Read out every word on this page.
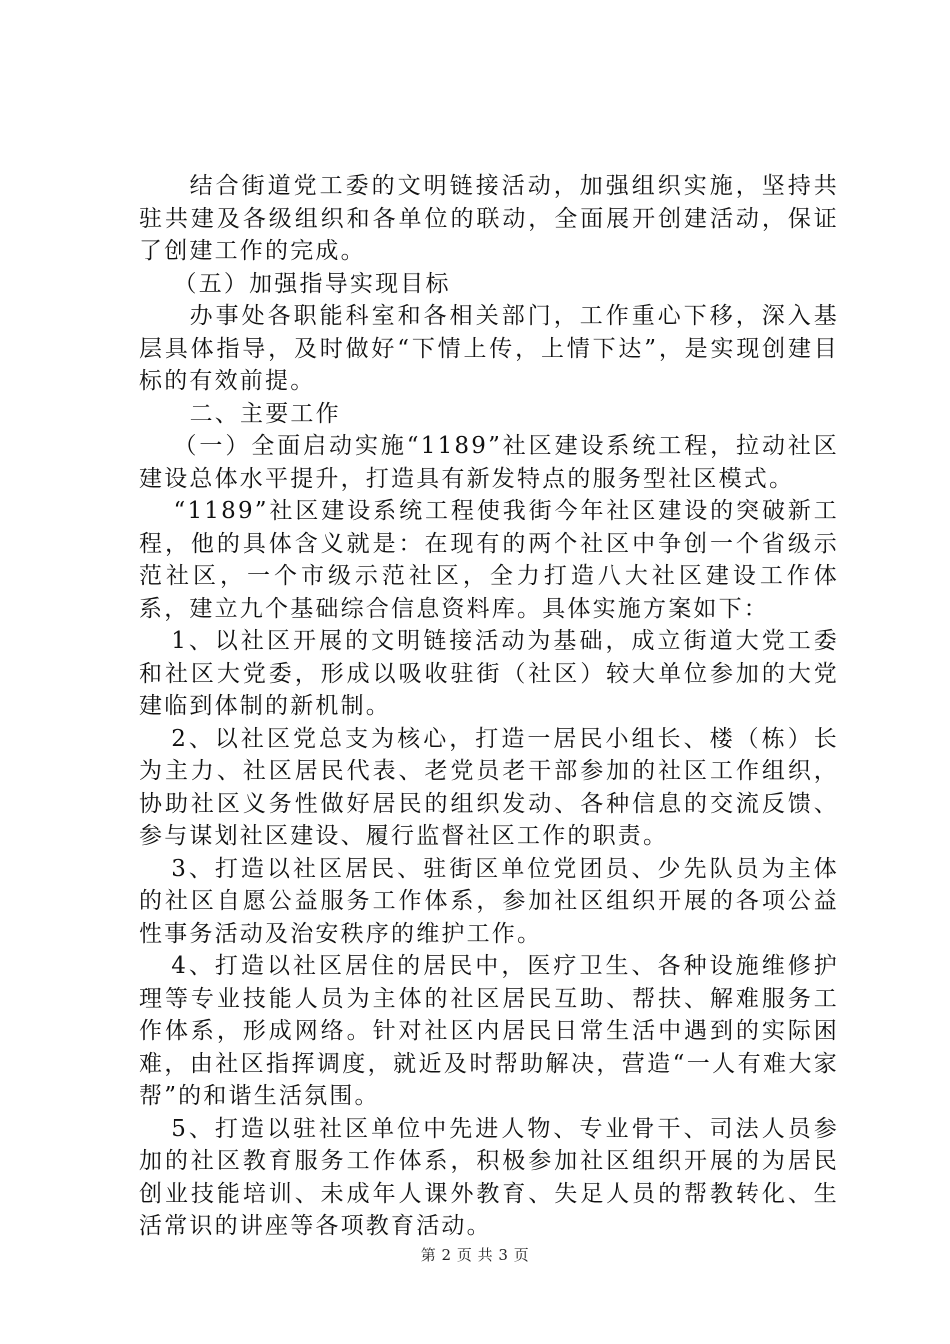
结合街道党工委的文明链接活动，加强组织实施，坚持共驻共建及各级组织和各单位的联动，全面展开创建活动，保证了创建工作的完成。

（五）加强指导实现目标

办事处各职能科室和各相关部门，工作重心下移，深入基层具体指导，及时做好“下情上传，上情下达”，是实现创建目标的有效前提。

二、主要工作

（一）全面启动实施“1189”社区建设系统工程，拉动社区建设总体水平提升，打造具有新发特点的服务型社区模式。

“1189”社区建设系统工程使我街今年社区建设的突破新工程，他的具体含义就是：在现有的两个社区中争创一个省级示范社区，一个市级示范社区，全力打造八大社区建设工作体系，建立九个基础综合信息资料库。具体实施方案如下：

1、以社区开展的文明链接活动为基础，成立街道大党工委和社区大党委，形成以吸收驻街（社区）较大单位参加的大党建临到体制的新机制。

2、以社区党总支为核心，打造一居民小组长、楼（栋）长为主力、社区居民代表、老党员老干部参加的社区工作组织，协助社区义务性做好居民的组织发动、各种信息的交流反馈、参与谋划社区建设、履行监督社区工作的职责。

3、打造以社区居民、驻街区单位党团员、少先队员为主体的社区自愿公益服务工作体系，参加社区组织开展的各项公益性事务活动及治安秩序的维护工作。

4、打造以社区居住的居民中，医疗卫生、各种设施维修护理等专业技能人员为主体的社区居民互助、帮扶、解难服务工作体系，形成网络。针对社区内居民日常生活中遇到的实际困难，由社区指挥调度，就近及时帮助解决，营造“一人有难大家帮”的和谐生活氛围。

5、打造以驻社区单位中先进人物、专业骨干、司法人员参加的社区教育服务工作体系，积极参加社区组织开展的为居民创业技能培训、未成年人课外教育、失足人员的帮教转化、生活常识的讲座等各项教育活动。

第 2 页 共 3 页
